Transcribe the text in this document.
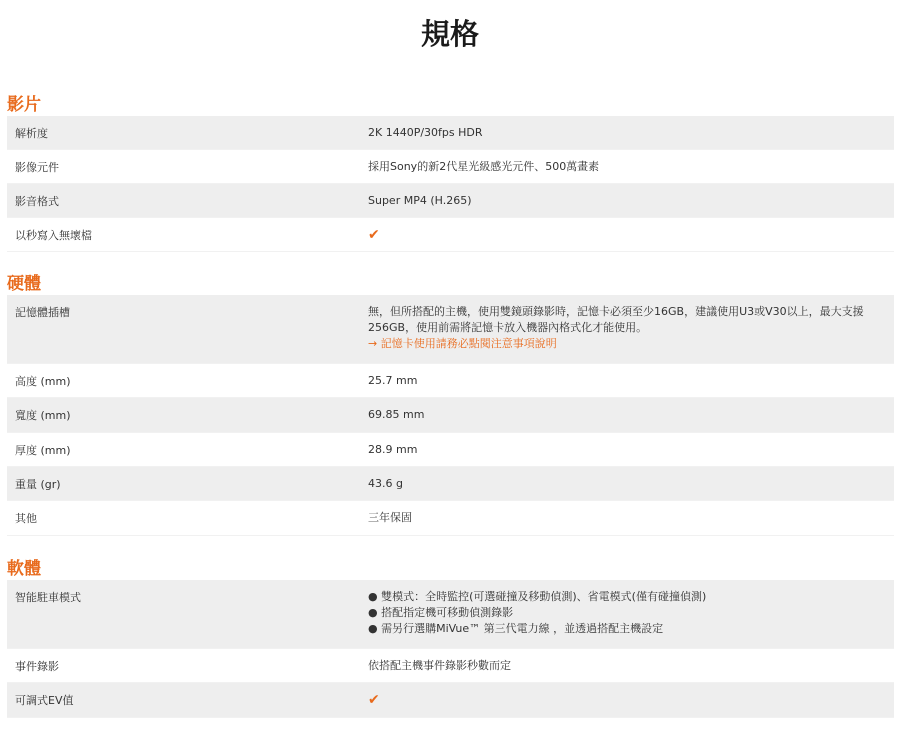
規格
影片
解析度	2K 1440P/30fps HDR
影像元件	採用Sony的新2代星光級感光元件、500萬畫素
影音格式	Super MP4 (H.265)
以秒寫入無壞檔	✔
硬體
記憶體插槽	無，但所搭配的主機，使用雙鏡頭錄影時，記憶卡必須至少16GB，建議使用U3或V30以上，最大支援
256GB，使用前需將記憶卡放入機器內格式化才能使用。
→ 記憶卡使用請務必點閱注意事項說明
高度 (mm)	25.7 mm
寬度 (mm)	69.85 mm
厚度 (mm)	28.9 mm
重量 (gr)	43.6 g
其他	三年保固
軟體
智能駐車模式	● 雙模式：全時監控(可選碰撞及移動偵測)、省電模式(僅有碰撞偵測)
● 搭配指定機可移動偵測錄影
● 需另行選購MiVue™ 第三代電力線 ，並透過搭配主機設定
事件錄影	依搭配主機事件錄影秒數而定
可調式EV值	✔
